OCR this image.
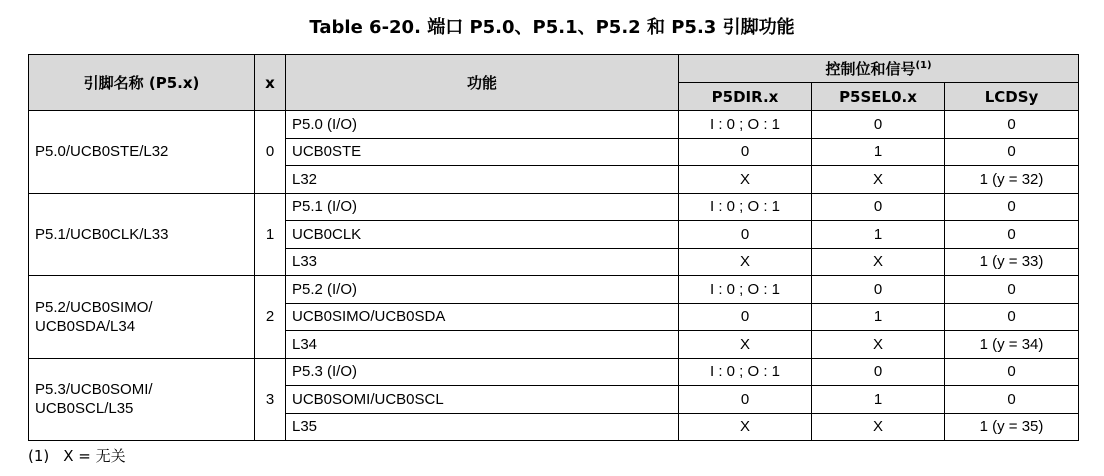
Table 6-20. 端口 P5.0、P5.1、P5.2 和 P5.3 引脚功能
引脚名称 (P5.x)	x	功能	控制位和信号$^{(1)}$
			P5DIR.x	P5SEL0.x	LCDSy
P5.0/UCB0STE/L32	0	P5.0 (I/O)	I : 0 ; O : 1	0	0
		UCB0STE	0	1	0
		L32	X	X	1 (y = 32)
P5.1/UCB0CLK/L33	1	P5.1 (I/O)	I : 0 ; O : 1	0	0
		UCB0CLK	0	1	0
		L33	X	X	1 (y = 33)
P5.2/UCB0SIMO/
UCB0SDA/L34	2	P5.2 (I/O)	I : 0 ; O : 1	0	0
		UCB0SIMO/UCB0SDA	0	1	0
		L34	X	X	1 (y = 34)
P5.3/UCB0SOMI/
UCB0SCL/L35	3	P5.3 (I/O)	I : 0 ; O : 1	0	0
		UCB0SOMI/UCB0SCL	0	1	0
		L35	X	X	1 (y = 35)
(1) X = 无关
